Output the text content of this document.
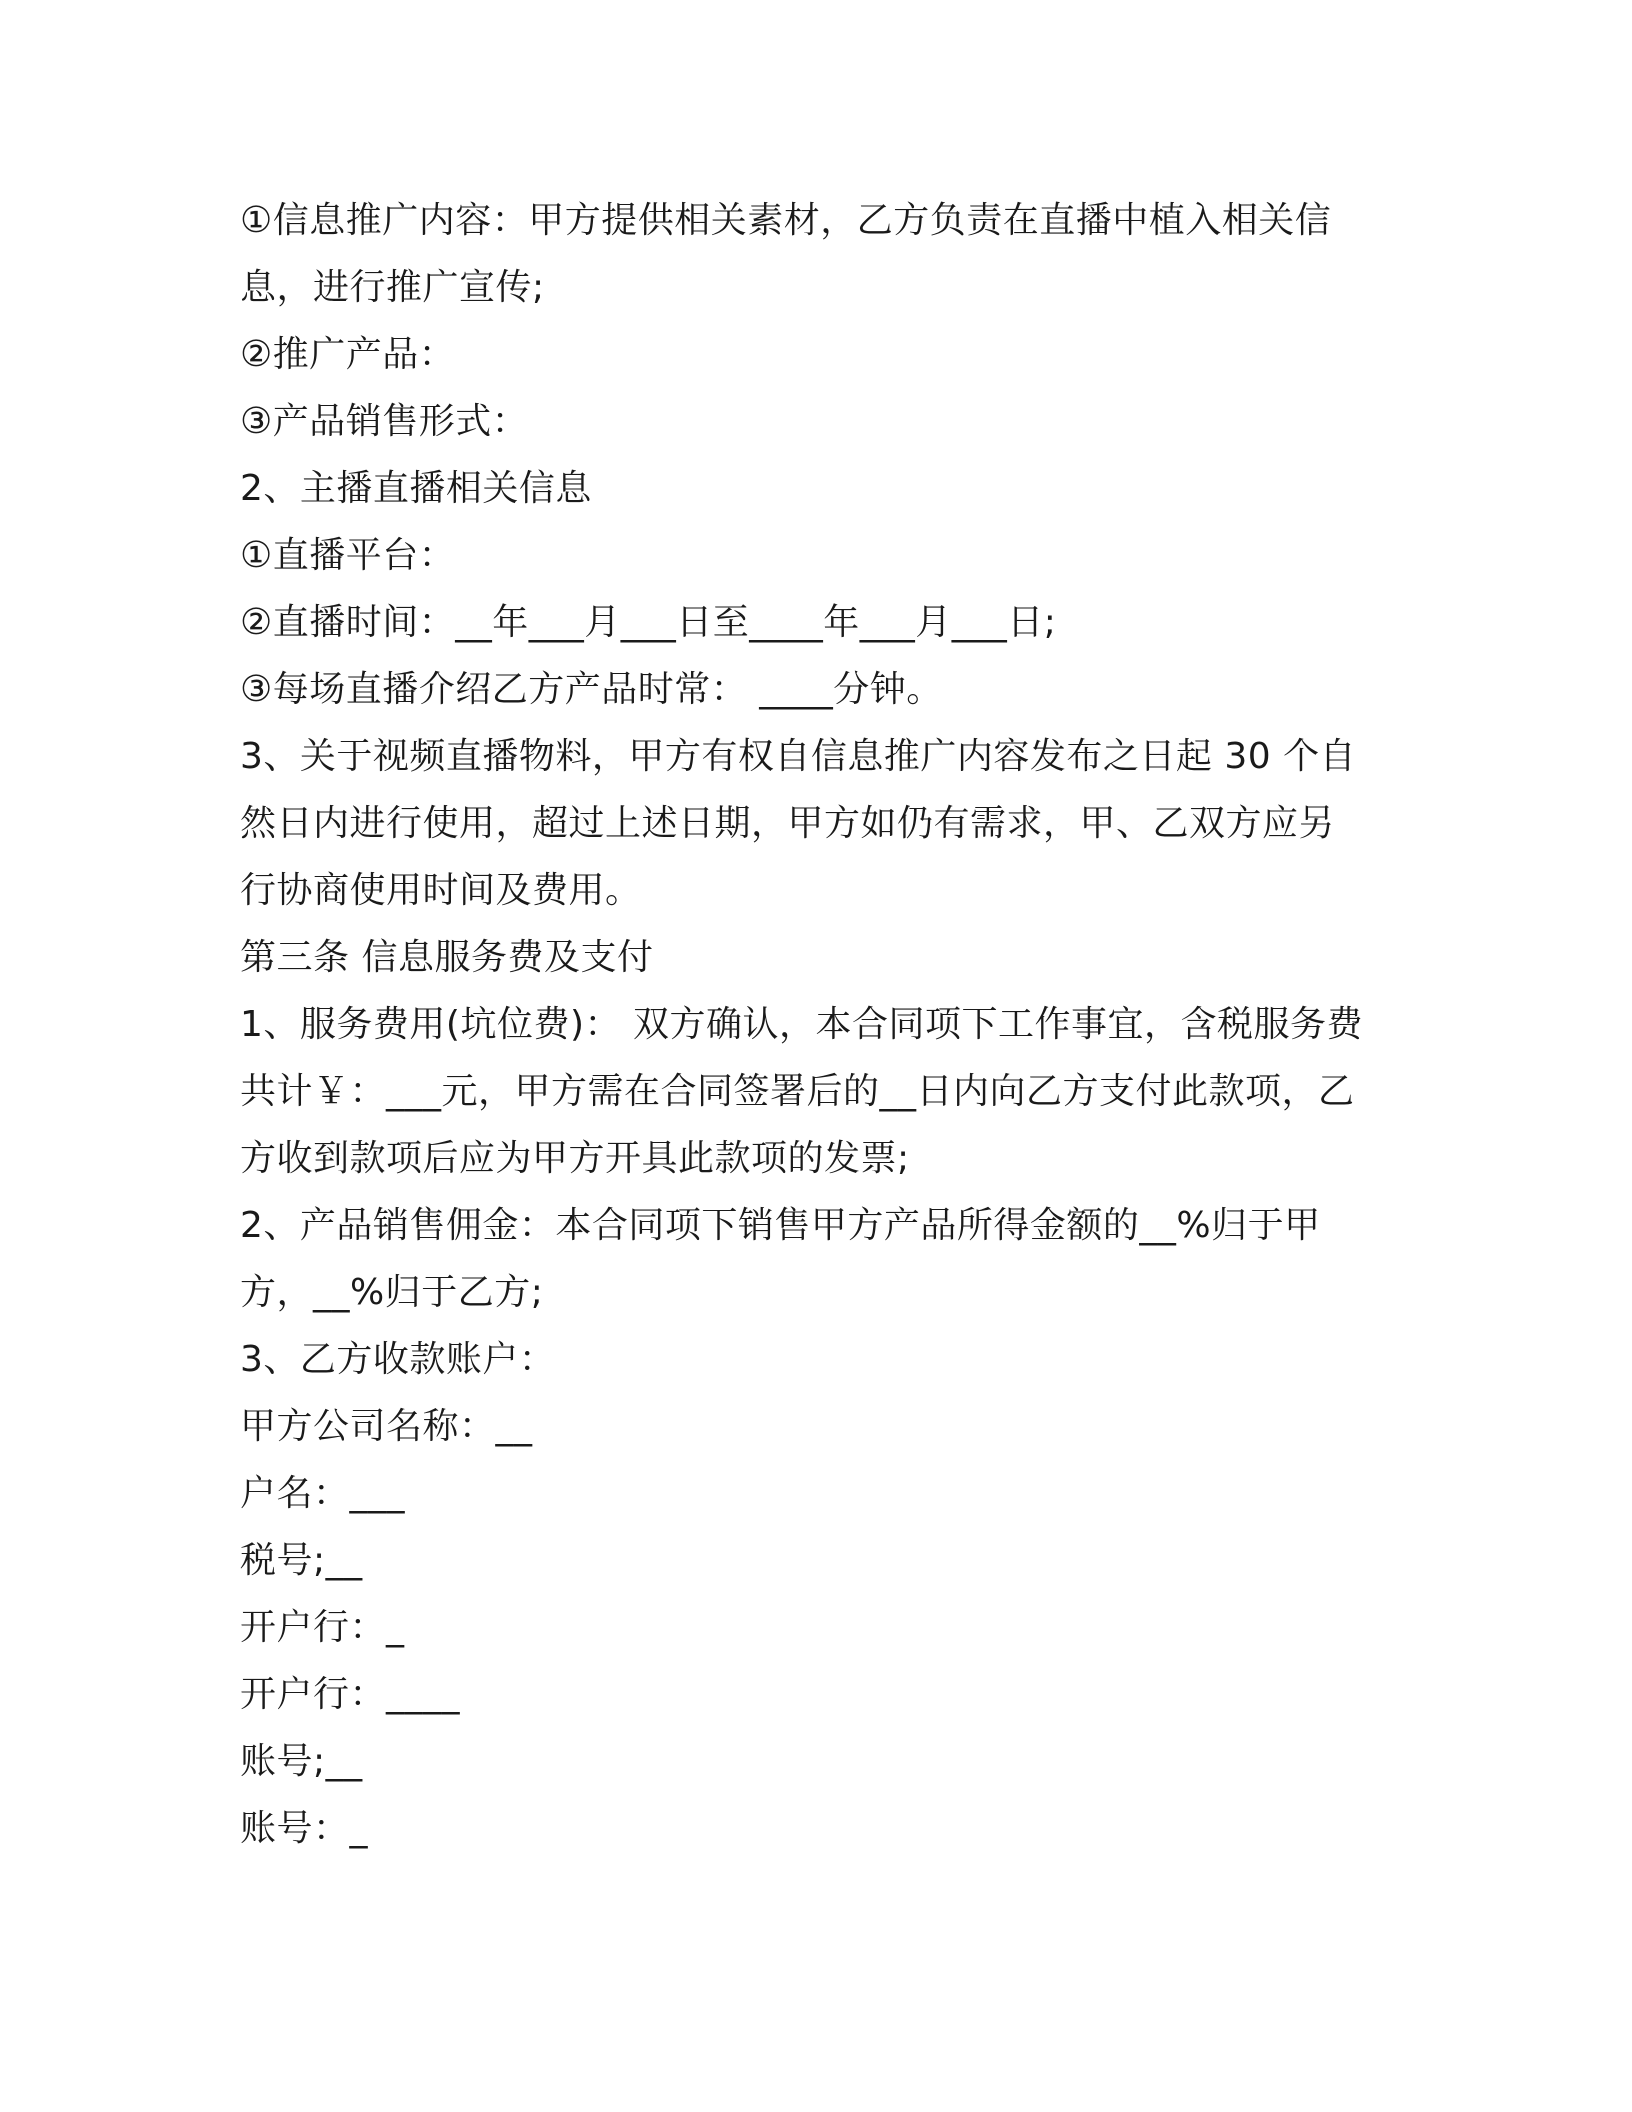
①信息推广内容：甲方提供相关素材，乙方负责在直播中植入相关信

息，进行推广宣传;

②推广产品：

③产品销售形式：

2、主播直播相关信息

①直播平台：

②直播时间：__年___月___日至____年___月___日;

③每场直播介绍乙方产品时常： ____分钟。

3、关于视频直播物料，甲方有权自信息推广内容发布之日起 30 个自

然日内进行使用，超过上述日期，甲方如仍有需求，甲、乙双方应另

行协商使用时间及费用。

第三条 信息服务费及支付

1、服务费用(坑位费)： 双方确认，本合同项下工作事宜，含税服务费

共计￥：___元，甲方需在合同签署后的__日内向乙方支付此款项，乙

方收到款项后应为甲方开具此款项的发票;

2、产品销售佣金：本合同项下销售甲方产品所得金额的__%归于甲

方，__%归于乙方;

3、乙方收款账户：

甲方公司名称：__

户名：___

税号;__

开户行：_

开户行：____

账号;__

账号：_
